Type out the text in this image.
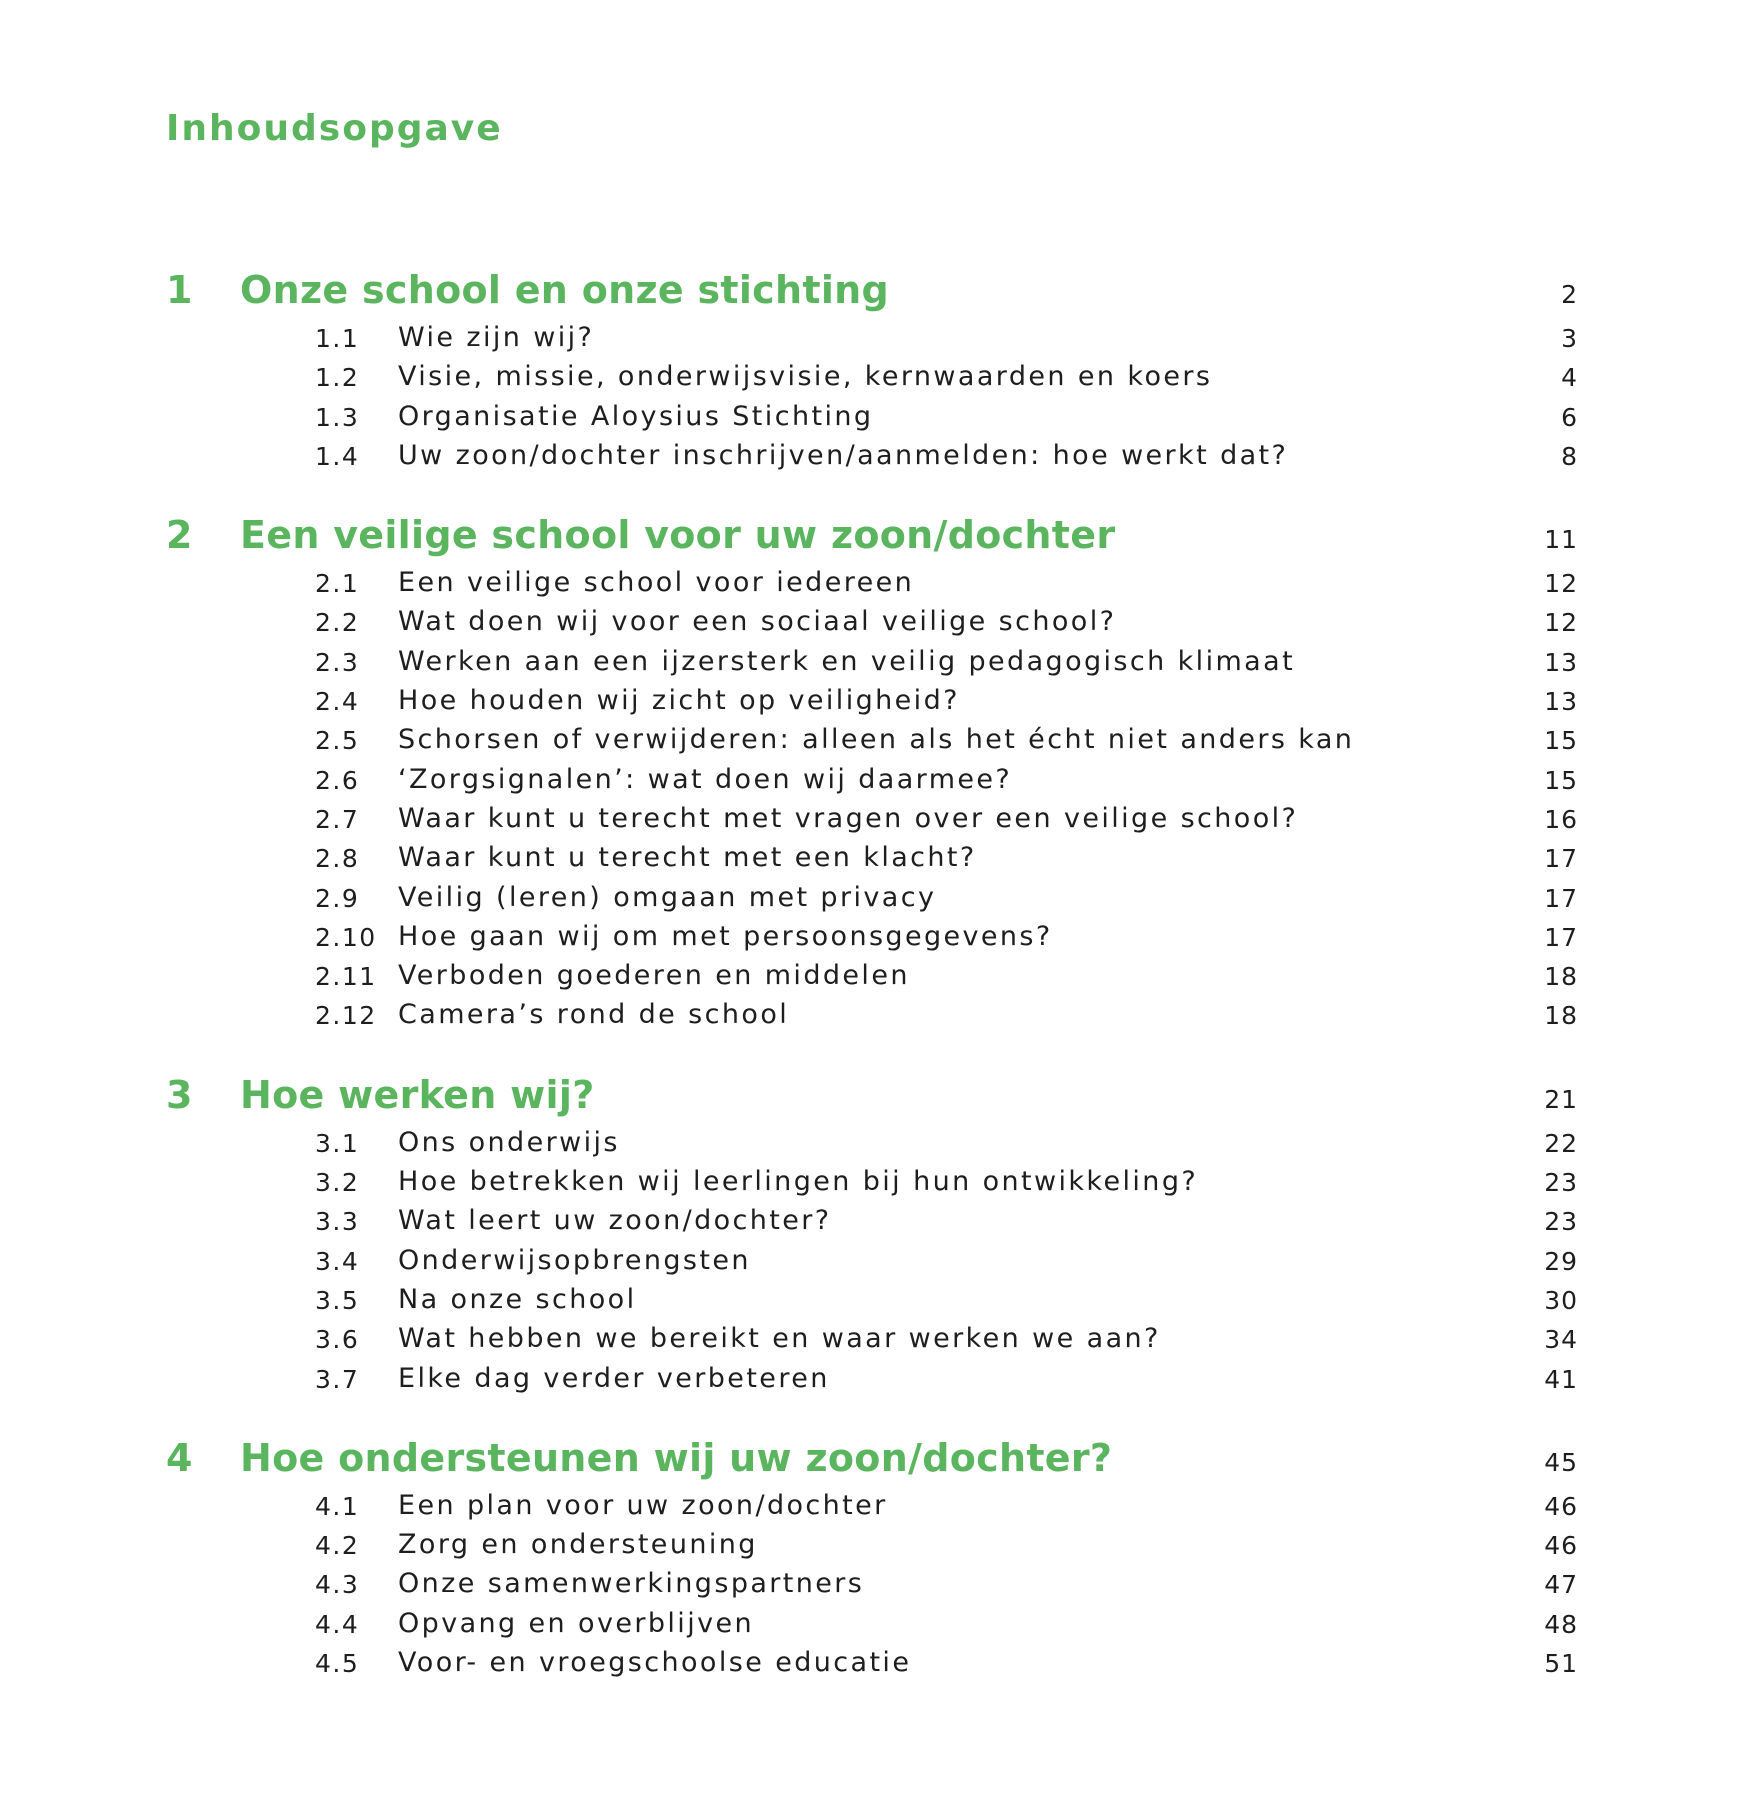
Inhoudsopgave
1 Onze school en onze stichting	2
1.1 Wie zijn wij?	3
1.2 Visie, missie, onderwijsvisie, kernwaarden en koers	4
1.3 Organisatie Aloysius Stichting	6
1.4 Uw zoon/dochter inschrijven/aanmelden: hoe werkt dat?	8
2 Een veilige school voor uw zoon/dochter	11
2.1 Een veilige school voor iedereen	12
2.2 Wat doen wij voor een sociaal veilige school?	12
2.3 Werken aan een ijzersterk en veilig pedagogisch klimaat	13
2.4 Hoe houden wij zicht op veiligheid?	13
2.5 Schorsen of verwijderen: alleen als het écht niet anders kan	15
2.6 ‘Zorgsignalen’: wat doen wij daarmee?	15
2.7 Waar kunt u terecht met vragen over een veilige school?	16
2.8 Waar kunt u terecht met een klacht?	17
2.9 Veilig (leren) omgaan met privacy	17
2.10 Hoe gaan wij om met persoonsgegevens?	17
2.11 Verboden goederen en middelen	18
2.12 Camera’s rond de school	18
3 Hoe werken wij?	21
3.1 Ons onderwijs	22
3.2 Hoe betrekken wij leerlingen bij hun ontwikkeling?	23
3.3 Wat leert uw zoon/dochter?	23
3.4 Onderwijsopbrengsten	29
3.5 Na onze school	30
3.6 Wat hebben we bereikt en waar werken we aan?	34
3.7 Elke dag verder verbeteren	41
4 Hoe ondersteunen wij uw zoon/dochter?	45
4.1 Een plan voor uw zoon/dochter	46
4.2 Zorg en ondersteuning	46
4.3 Onze samenwerkingspartners	47
4.4 Opvang en overblijven	48
4.5 Voor- en vroegschoolse educatie	51
